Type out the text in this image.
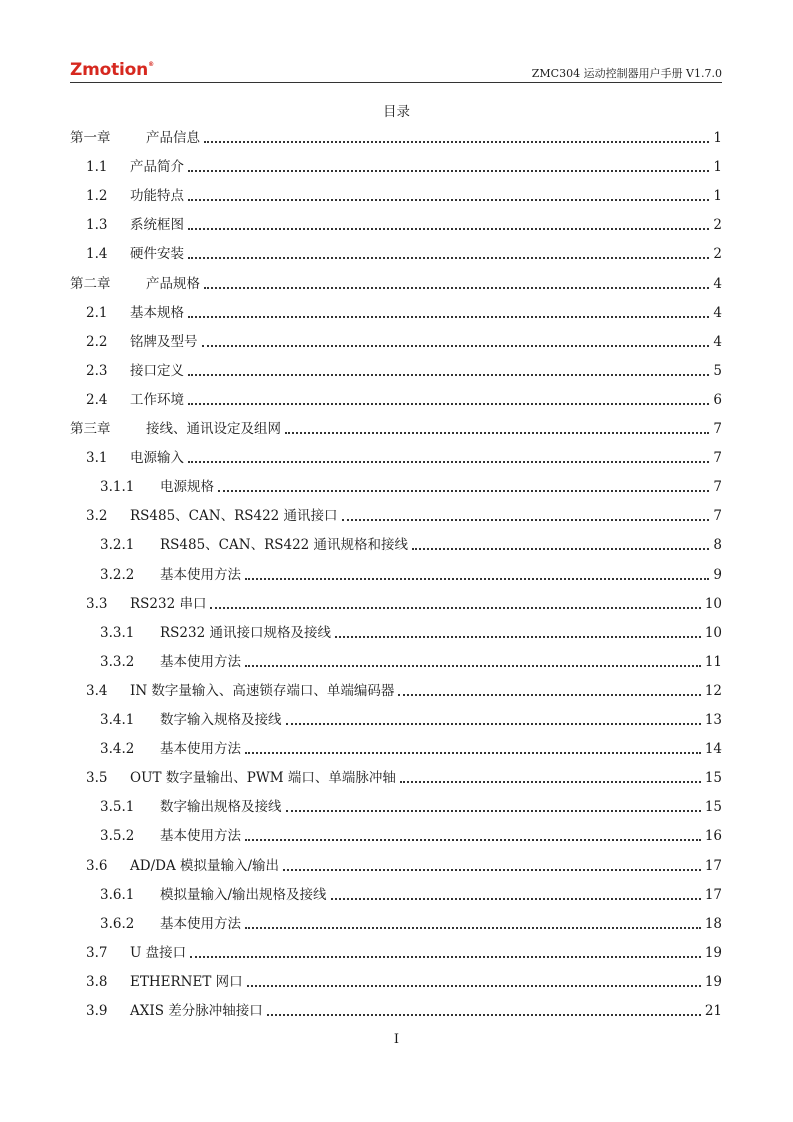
Zmotion®
ZMC304 运动控制器用户手册 V1.7.0
目录
第一章	产品信息	1
1.1	产品简介	1
1.2	功能特点	1
1.3	系统框图	2
1.4	硬件安装	2
第二章	产品规格	4
2.1	基本规格	4
2.2	铭牌及型号	4
2.3	接口定义	5
2.4	工作环境	6
第三章	接线、通讯设定及组网	7
3.1	电源输入	7
3.1.1	电源规格	7
3.2	RS485、CAN、RS422 通讯接口	7
3.2.1	RS485、CAN、RS422 通讯规格和接线	8
3.2.2	基本使用方法	9
3.3	RS232 串口	10
3.3.1	RS232 通讯接口规格及接线	10
3.3.2	基本使用方法	11
3.4	IN 数字量输入、高速锁存端口、单端编码器	12
3.4.1	数字输入规格及接线	13
3.4.2	基本使用方法	14
3.5	OUT 数字量输出、PWM 端口、单端脉冲轴	15
3.5.1	数字输出规格及接线	15
3.5.2	基本使用方法	16
3.6	AD/DA 模拟量输入/输出	17
3.6.1	模拟量输入/输出规格及接线	17
3.6.2	基本使用方法	18
3.7	U 盘接口	19
3.8	ETHERNET 网口	19
3.9	AXIS 差分脉冲轴接口	21
I
